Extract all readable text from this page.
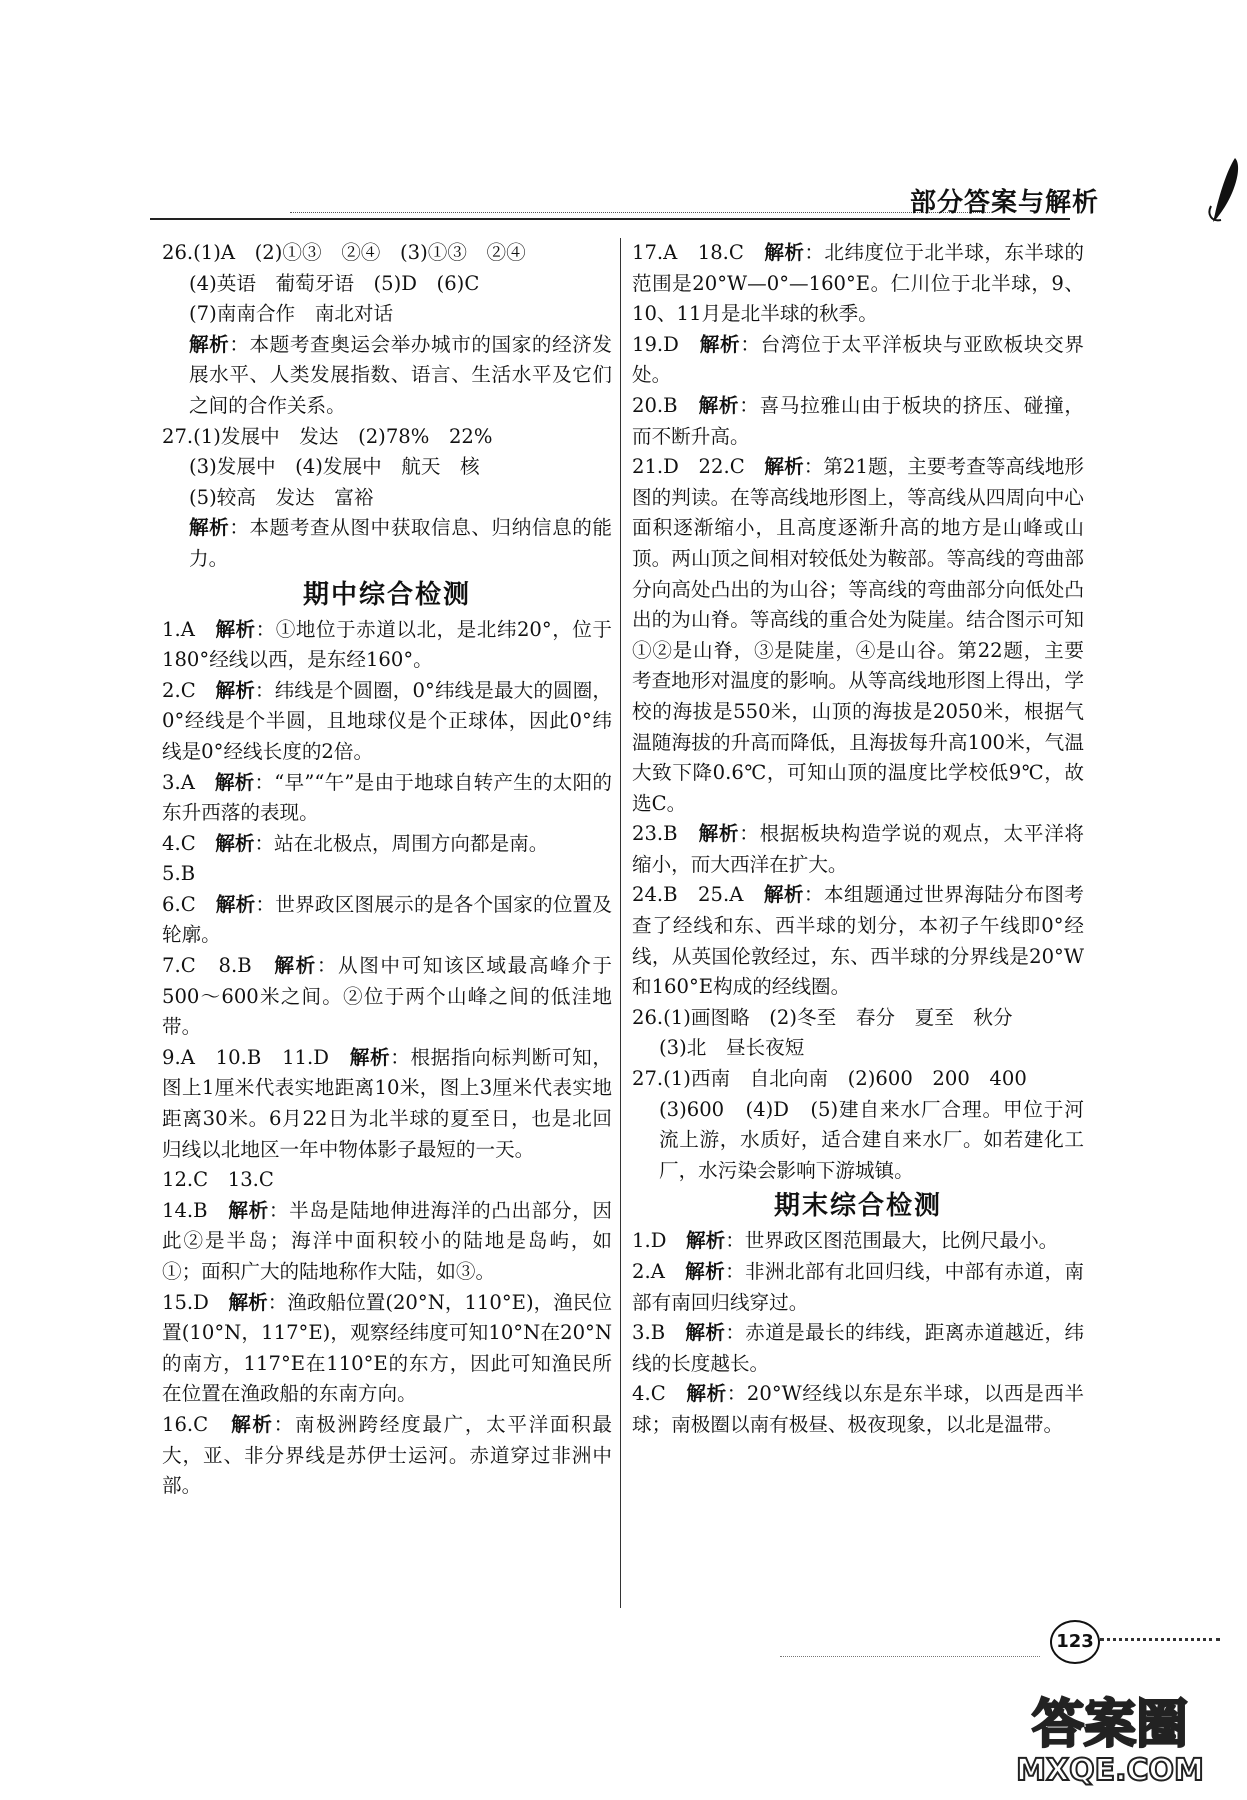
部分答案与解析
26.(1)A　(2)①③　②④　(3)①③　②④
(4)英语　葡萄牙语　(5)D　(6)C
(7)南南合作　南北对话
解析：本题考查奥运会举办城市的国家的经济发展水平、人类发展指数、语言、生活水平及它们之间的合作关系。
27.(1)发展中　发达　(2)78%　22%
(3)发展中　(4)发展中　航天　核
(5)较高　发达　富裕
解析：本题考查从图中获取信息、归纳信息的能力。
期中综合检测
1.A　解析：①地位于赤道以北，是北纬20°，位于180°经线以西，是东经160°。
2.C　解析：纬线是个圆圈，0°纬线是最大的圆圈，0°经线是个半圆，且地球仪是个正球体，因此0°纬线是0°经线长度的2倍。
3.A　解析：“早”“午”是由于地球自转产生的太阳的东升西落的表现。
4.C　解析：站在北极点，周围方向都是南。
5.B
6.C　解析：世界政区图展示的是各个国家的位置及轮廓。
7.C　8.B　解析：从图中可知该区域最高峰介于500～600米之间。②位于两个山峰之间的低洼地带。
9.A　10.B　11.D　解析：根据指向标判断可知，图上1厘米代表实地距离10米，图上3厘米代表实地距离30米。6月22日为北半球的夏至日，也是北回归线以北地区一年中物体影子最短的一天。
12.C　13.C
14.B　解析：半岛是陆地伸进海洋的凸出部分，因此②是半岛；海洋中面积较小的陆地是岛屿，如①；面积广大的陆地称作大陆，如③。
15.D　解析：渔政船位置(20°N，110°E)，渔民位置(10°N，117°E)，观察经纬度可知10°N在20°N的南方，117°E在110°E的东方，因此可知渔民所在位置在渔政船的东南方向。
16.C　解析：南极洲跨经度最广，太平洋面积最大，亚、非分界线是苏伊士运河。赤道穿过非洲中部。
17.A　18.C　解析：北纬度位于北半球，东半球的范围是20°W—0°—160°E。仁川位于北半球，9、10、11月是北半球的秋季。
19.D　解析：台湾位于太平洋板块与亚欧板块交界处。
20.B　解析：喜马拉雅山由于板块的挤压、碰撞，而不断升高。
21.D　22.C　解析：第21题，主要考查等高线地形图的判读。在等高线地形图上，等高线从四周向中心面积逐渐缩小，且高度逐渐升高的地方是山峰或山顶。两山顶之间相对较低处为鞍部。等高线的弯曲部分向高处凸出的为山谷；等高线的弯曲部分向低处凸出的为山脊。等高线的重合处为陡崖。结合图示可知①②是山脊，③是陡崖，④是山谷。第22题，主要考查地形对温度的影响。从等高线地形图上得出，学校的海拔是550米，山顶的海拔是2050米，根据气温随海拔的升高而降低，且海拔每升高100米，气温大致下降0.6℃，可知山顶的温度比学校低9℃，故选C。
23.B　解析：根据板块构造学说的观点，太平洋将缩小，而大西洋在扩大。
24.B　25.A　解析：本组题通过世界海陆分布图考查了经线和东、西半球的划分，本初子午线即0°经线，从英国伦敦经过，东、西半球的分界线是20°W和160°E构成的经线圈。
26.(1)画图略　(2)冬至　春分　夏至　秋分
(3)北　昼长夜短
27.(1)西南　自北向南　(2)600　200　400
(3)600　(4)D　(5)建自来水厂合理。甲位于河流上游，水质好，适合建自来水厂。如若建化工厂，水污染会影响下游城镇。
期末综合检测
1.D　解析：世界政区图范围最大，比例尺最小。
2.A　解析：非洲北部有北回归线，中部有赤道，南部有南回归线穿过。
3.B　解析：赤道是最长的纬线，距离赤道越近，纬线的长度越长。
4.C　解析：20°W经线以东是东半球，以西是西半球；南极圈以南有极昼、极夜现象，以北是温带。
123
答案圈
MXQE.COM
